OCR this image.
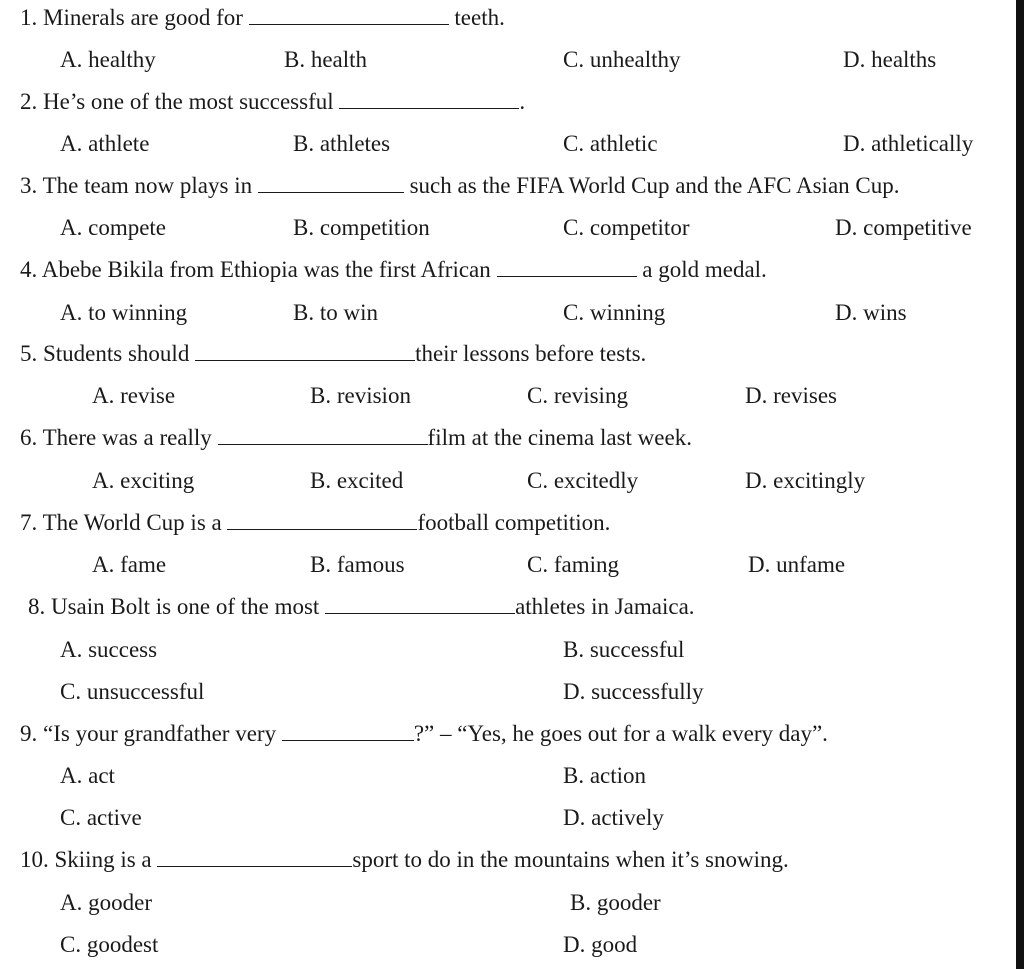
1. Minerals are good for	teeth.
A. healthy	B. health	C. unhealthy	D. healths
2. He’s one of the most successful	.
A. athlete	B. athletes	C. athletic	D. athletically
3. The team now plays in	such as the FIFA World Cup and the AFC Asian Cup.
A. compete	B. competition	C. competitor	D. competitive
4. Abebe Bikila from Ethiopia was the first African	a gold medal.
A. to winning	B. to win	C. winning	D. wins
5. Students should	their lessons before tests.
A. revise	B. revision	C. revising	D. revises
6. There was a really	film at the cinema last week.
A. exciting	B. excited	C. excitedly	D. excitingly
7. The World Cup is a	football competition.
A. fame	B. famous	C. faming	D. unfame
8. Usain Bolt is one of the most	athletes in Jamaica.
A. success	B. successful
C. unsuccessful	D. successfully
9. “Is your grandfather very	?” – “Yes, he goes out for a walk every day”.
A. act	B. action
C. active	D. actively
10. Skiing is a	sport to do in the mountains when it’s snowing.
A. gooder	B. gooder
C. goodest	D. good
